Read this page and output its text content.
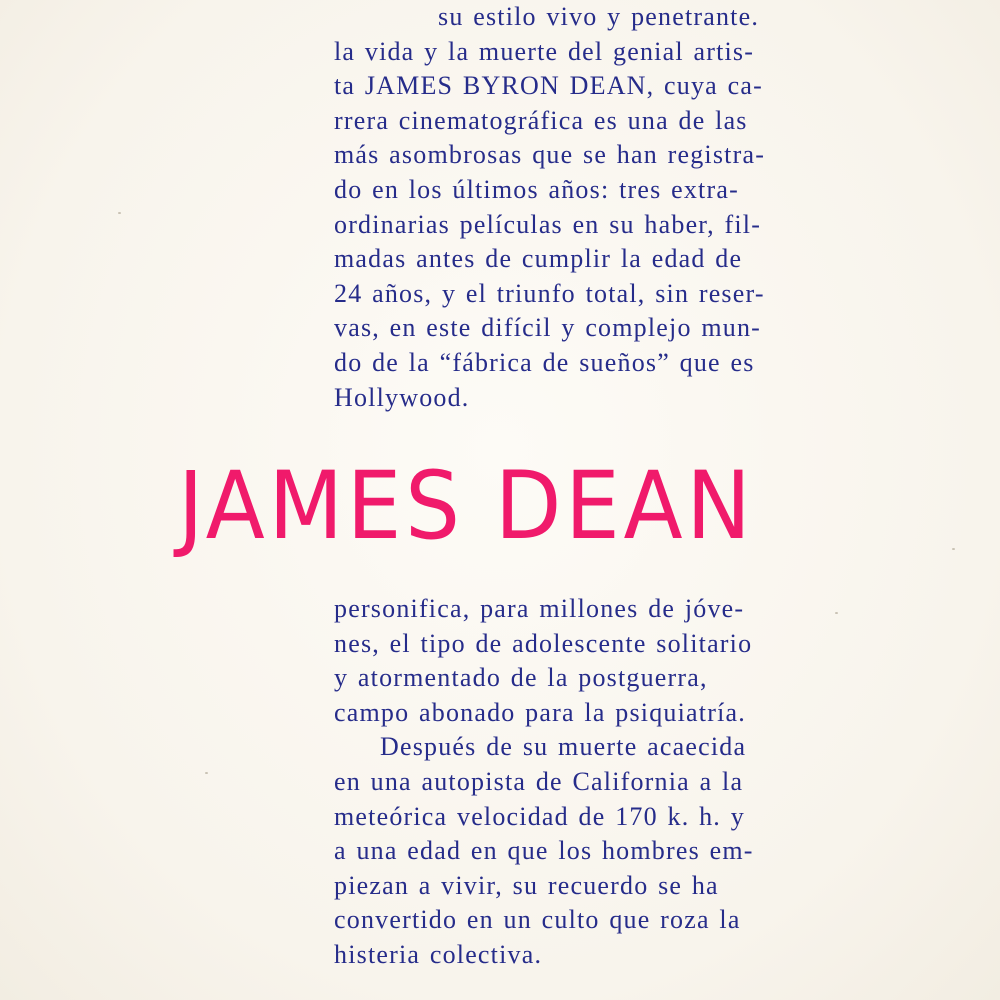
su estilo vivo y penetrante.
la vida y la muerte del genial artis-
ta JAMES BYRON DEAN, cuya ca-
rrera cinematográfica es una de las
más asombrosas que se han registra-
do en los últimos años: tres extra-
ordinarias películas en su haber, fil-
madas antes de cumplir la edad de
24 años, y el triunfo total, sin reser-
vas, en este difícil y complejo mun-
do de la “fábrica de sueños” que es
Hollywood.
JAMES DEAN
personifica, para millones de jóve-
nes, el tipo de adolescente solitario
y atormentado de la postguerra,
campo abonado para la psiquiatría.
Después de su muerte acaecida
en una autopista de California a la
meteórica velocidad de 170 k. h. y
a una edad en que los hombres em-
piezan a vivir, su recuerdo se ha
convertido en un culto que roza la
histeria colectiva.
